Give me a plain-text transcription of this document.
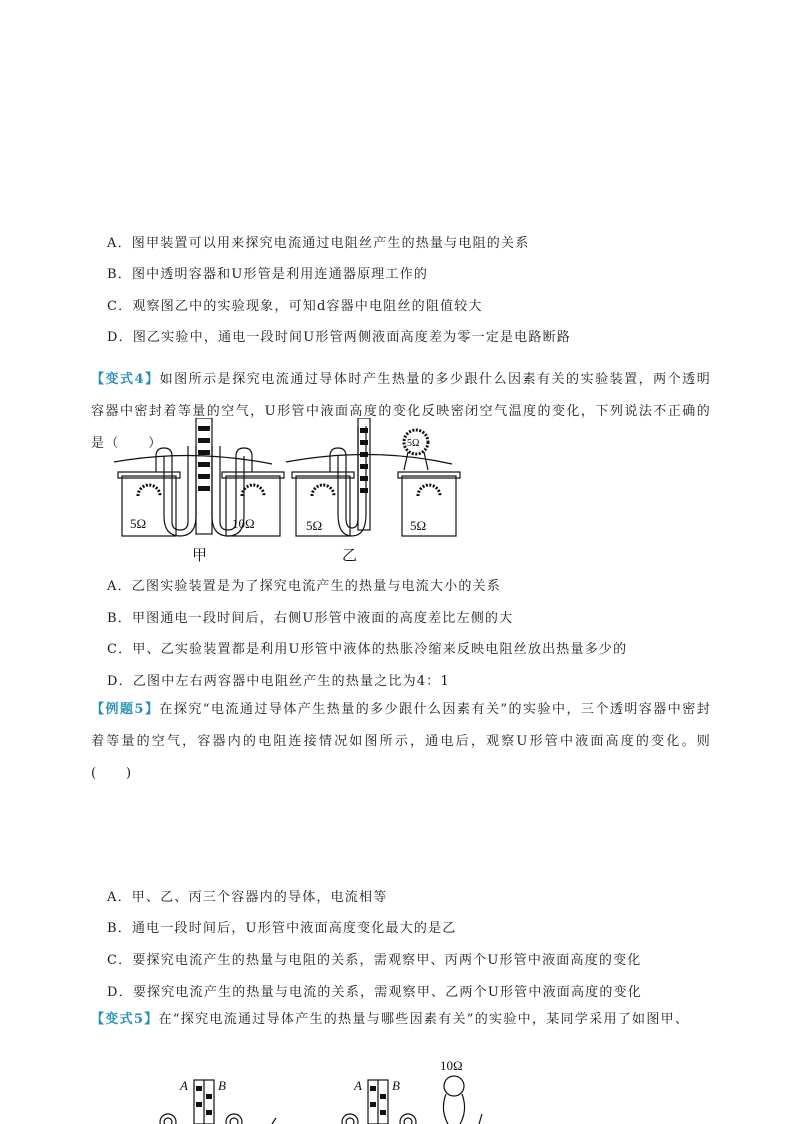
A．图甲装置可以用来探究电流通过电阻丝产生的热量与电阻的关系
B．图中透明容器和U形管是利用连通器原理工作的
C．观察图乙中的实验现象，可知d容器中电阻丝的阻值较大
D．图乙实验中，通电一段时间U形管两侧液面高度差为零一定是电路断路
【变式4】如图所示是探究电流通过导体时产生热量的多少跟什么因素有关的实验装置，两个透明容器中密封着等量的空气，U形管中液面高度的变化反映密闭空气温度的变化，下列说法不正确的是（　　）
5Ω	10Ω	5Ω	5Ω
5Ω
甲	乙
A．乙图实验装置是为了探究电流产生的热量与电流大小的关系
B．甲图通电一段时间后，右侧U形管中液面的高度差比左侧的大
C．甲、乙实验装置都是利用U形管中液体的热胀冷缩来反映电阻丝放出热量多少的
D．乙图中左右两容器中电阻丝产生的热量之比为4：1
【例题5】在探究“电流通过导体产生热量的多少跟什么因素有关”的实验中，三个透明容器中密封着等量的空气，容器内的电阻连接情况如图所示，通电后，观察U形管中液面高度的变化。则(　　)
A．甲、乙、丙三个容器内的导体，电流相等
B．通电一段时间后，U形管中液面高度变化最大的是乙
C．要探究电流产生的热量与电阻的关系，需观察甲、丙两个U形管中液面高度的变化
D．要探究电流产生的热量与电流的关系，需观察甲、乙两个U形管中液面高度的变化
【变式5】在“探究电流通过导体产生的热量与哪些因素有关”的实验中，某同学采用了如图甲、
A B	A B
10Ω
